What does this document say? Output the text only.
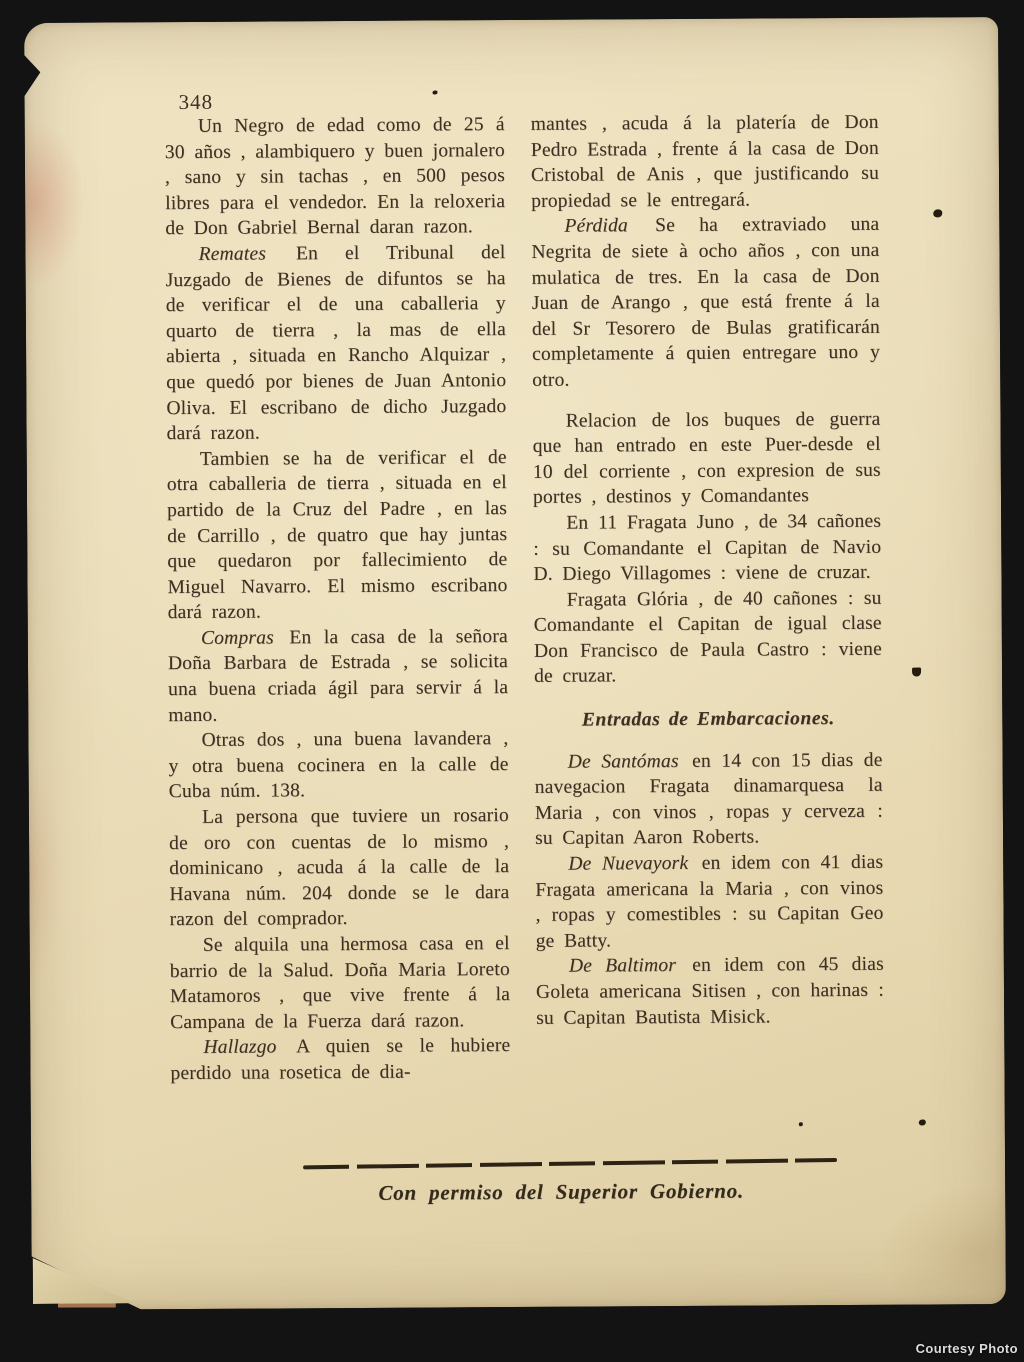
348

Un Negro de edad como de 25 á 30 años , alambiquero y buen jornalero , sano y sin tachas , en 500 pesos libres para el vendedor. En la reloxeria de Don Gabriel Bernal daran razon.

Remates En el Tribunal del Juzgado de Bienes de difuntos se ha de verificar el de una caballeria y quarto de tierra , la mas de ella abierta , situada en Rancho Alquizar , que quedó por bienes de Juan Antonio Oliva. El escribano de dicho Juzgado dará razon.

Tambien se ha de verificar el de otra caballeria de tierra , situada en el partido de la Cruz del Padre , en las de Carrillo , de quatro que hay juntas que quedaron por fallecimiento de Miguel Navarro. El mismo escribano dará razon.

Compras En la casa de la señora Doña Barbara de Estrada , se solicita una buena criada ágil para servir á la mano.

Otras dos , una buena lavandera , y otra buena cocinera en la calle de Cuba núm. 138.

La persona que tuviere un rosario de oro con cuentas de lo mismo , dominicano , acuda á la calle de la Havana núm. 204 donde se le dara razon del comprador.

Se alquila una hermosa casa en el barrio de la Salud. Doña Maria Loreto Matamoros , que vive frente á la Campana de la Fuerza dará razon.

Hallazgo A quien se le hubiere perdido una rosetica de dia-

mantes , acuda á la platería de Don Pedro Estrada , frente á la casa de Don Cristobal de Anis , que justificando su propiedad se le entregará.

Pérdida Se ha extraviado una Negrita de siete à ocho años , con una mulatica de tres. En la casa de Don Juan de Arango , que está frente á la del Sr Tesorero de Bulas gratificarán completamente á quien entregare uno y otro.

Relacion de los buques de guerra que han entrado en este Puer-desde el 10 del corriente , con expresion de sus portes , destinos y Comandantes

En 11 Fragata Juno , de 34 cañones : su Comandante el Capitan de Navio D. Diego Villagomes : viene de cruzar.

Fragata Glória , de 40 cañones : su Comandante el Capitan de igual clase Don Francisco de Paula Castro : viene de cruzar.

Entradas de Embarcaciones.

De Santómas en 14 con 15 dias de navegacion Fragata dinamarquesa la Maria , con vinos , ropas y cerveza : su Capitan Aaron Roberts.

De Nuevayork en idem con 41 dias Fragata americana la Maria , con vinos , ropas y comestibles : su Capitan Geo ge Batty.

De Baltimor en idem con 45 dias Goleta americana Sitisen , con harinas : su Capitan Bautista Misick.

Con permiso del Superior Gobierno.
Courtesy Photo
